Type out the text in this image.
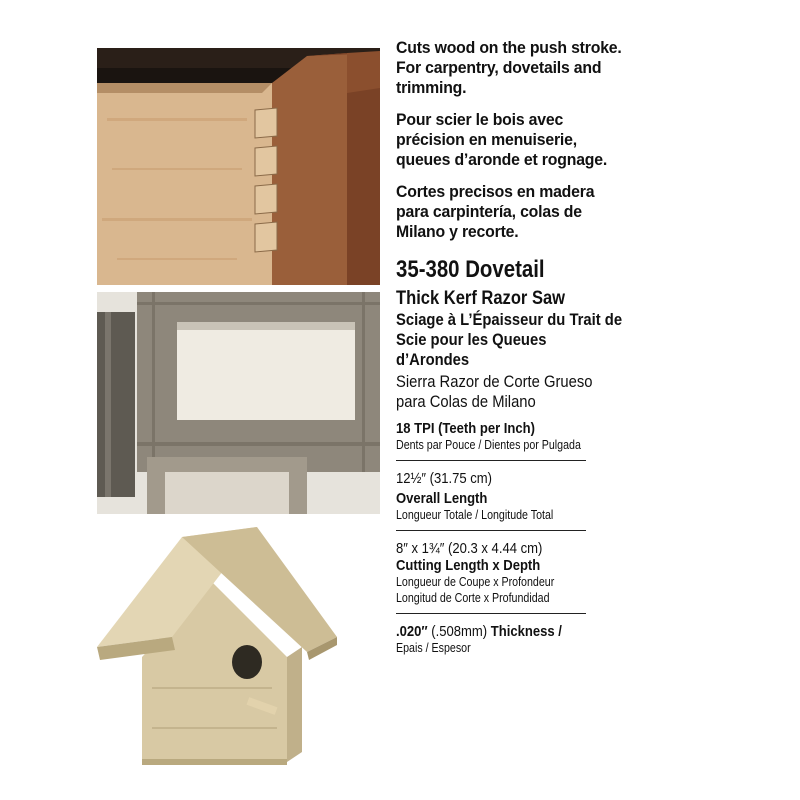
Cuts wood on the push stroke. For carpentry, dovetails and trimming.

Pour scier le bois avec précision en menuiserie, queues d’aronde et rognage.

Cortes precisos en madera para carpintería, colas de Milano y recorte.

35-380 Dovetail

Thick Kerf Razor Saw

Sciage à L’Épaisseur du Trait de Scie pour les Queues d’Arondes

Sierra Razor de Corte Grueso para Colas de Milano

18 TPI (Teeth per Inch)

Dents par Pouce / Dientes por Pulgada

12½″ (31.75 cm)

Overall Length

Longueur Totale / Longitude Total

8″ x 1¾″ (20.3 x 4.44 cm)

Cutting Length x Depth

Longueur de Coupe x Profondeur

Longitud de Corte x Profundidad

.020″ (.508mm) Thickness /

Epais / Espesor
